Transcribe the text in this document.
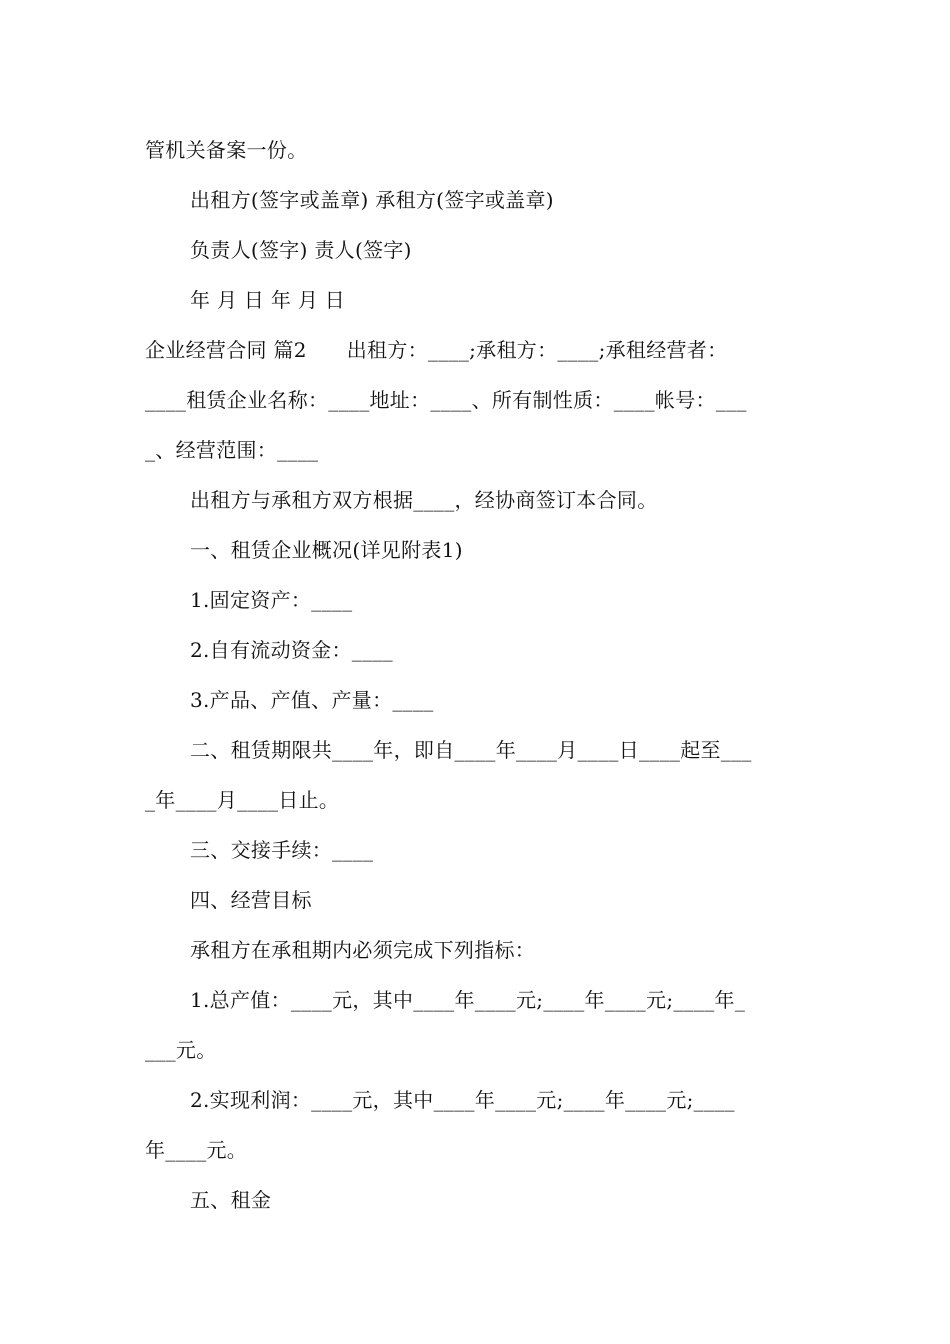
管机关备案一份。
出租方(签字或盖章) 承租方(签字或盖章)
负责人(签字) 责人(签字)
年 月 日 年 月 日
企业经营合同 篇2      出租方：____;承租方：____;承租经营者：
____租赁企业名称：____地址：____、所有制性质：____帐号：___
_、经营范围：____
出租方与承租方双方根据____，经协商签订本合同。
一、租赁企业概况(详见附表1)
1.固定资产：____
2.自有流动资金：____
3.产品、产值、产量：____
二、租赁期限共____年，即自____年____月____日____起至___
_年____月____日止。
三、交接手续：____
四、经营目标
承租方在承租期内必须完成下列指标：
1.总产值：____元，其中____年____元;____年____元;____年_
___元。
2.实现利润：____元，其中____年____元;____年____元;____
年____元。
五、租金
